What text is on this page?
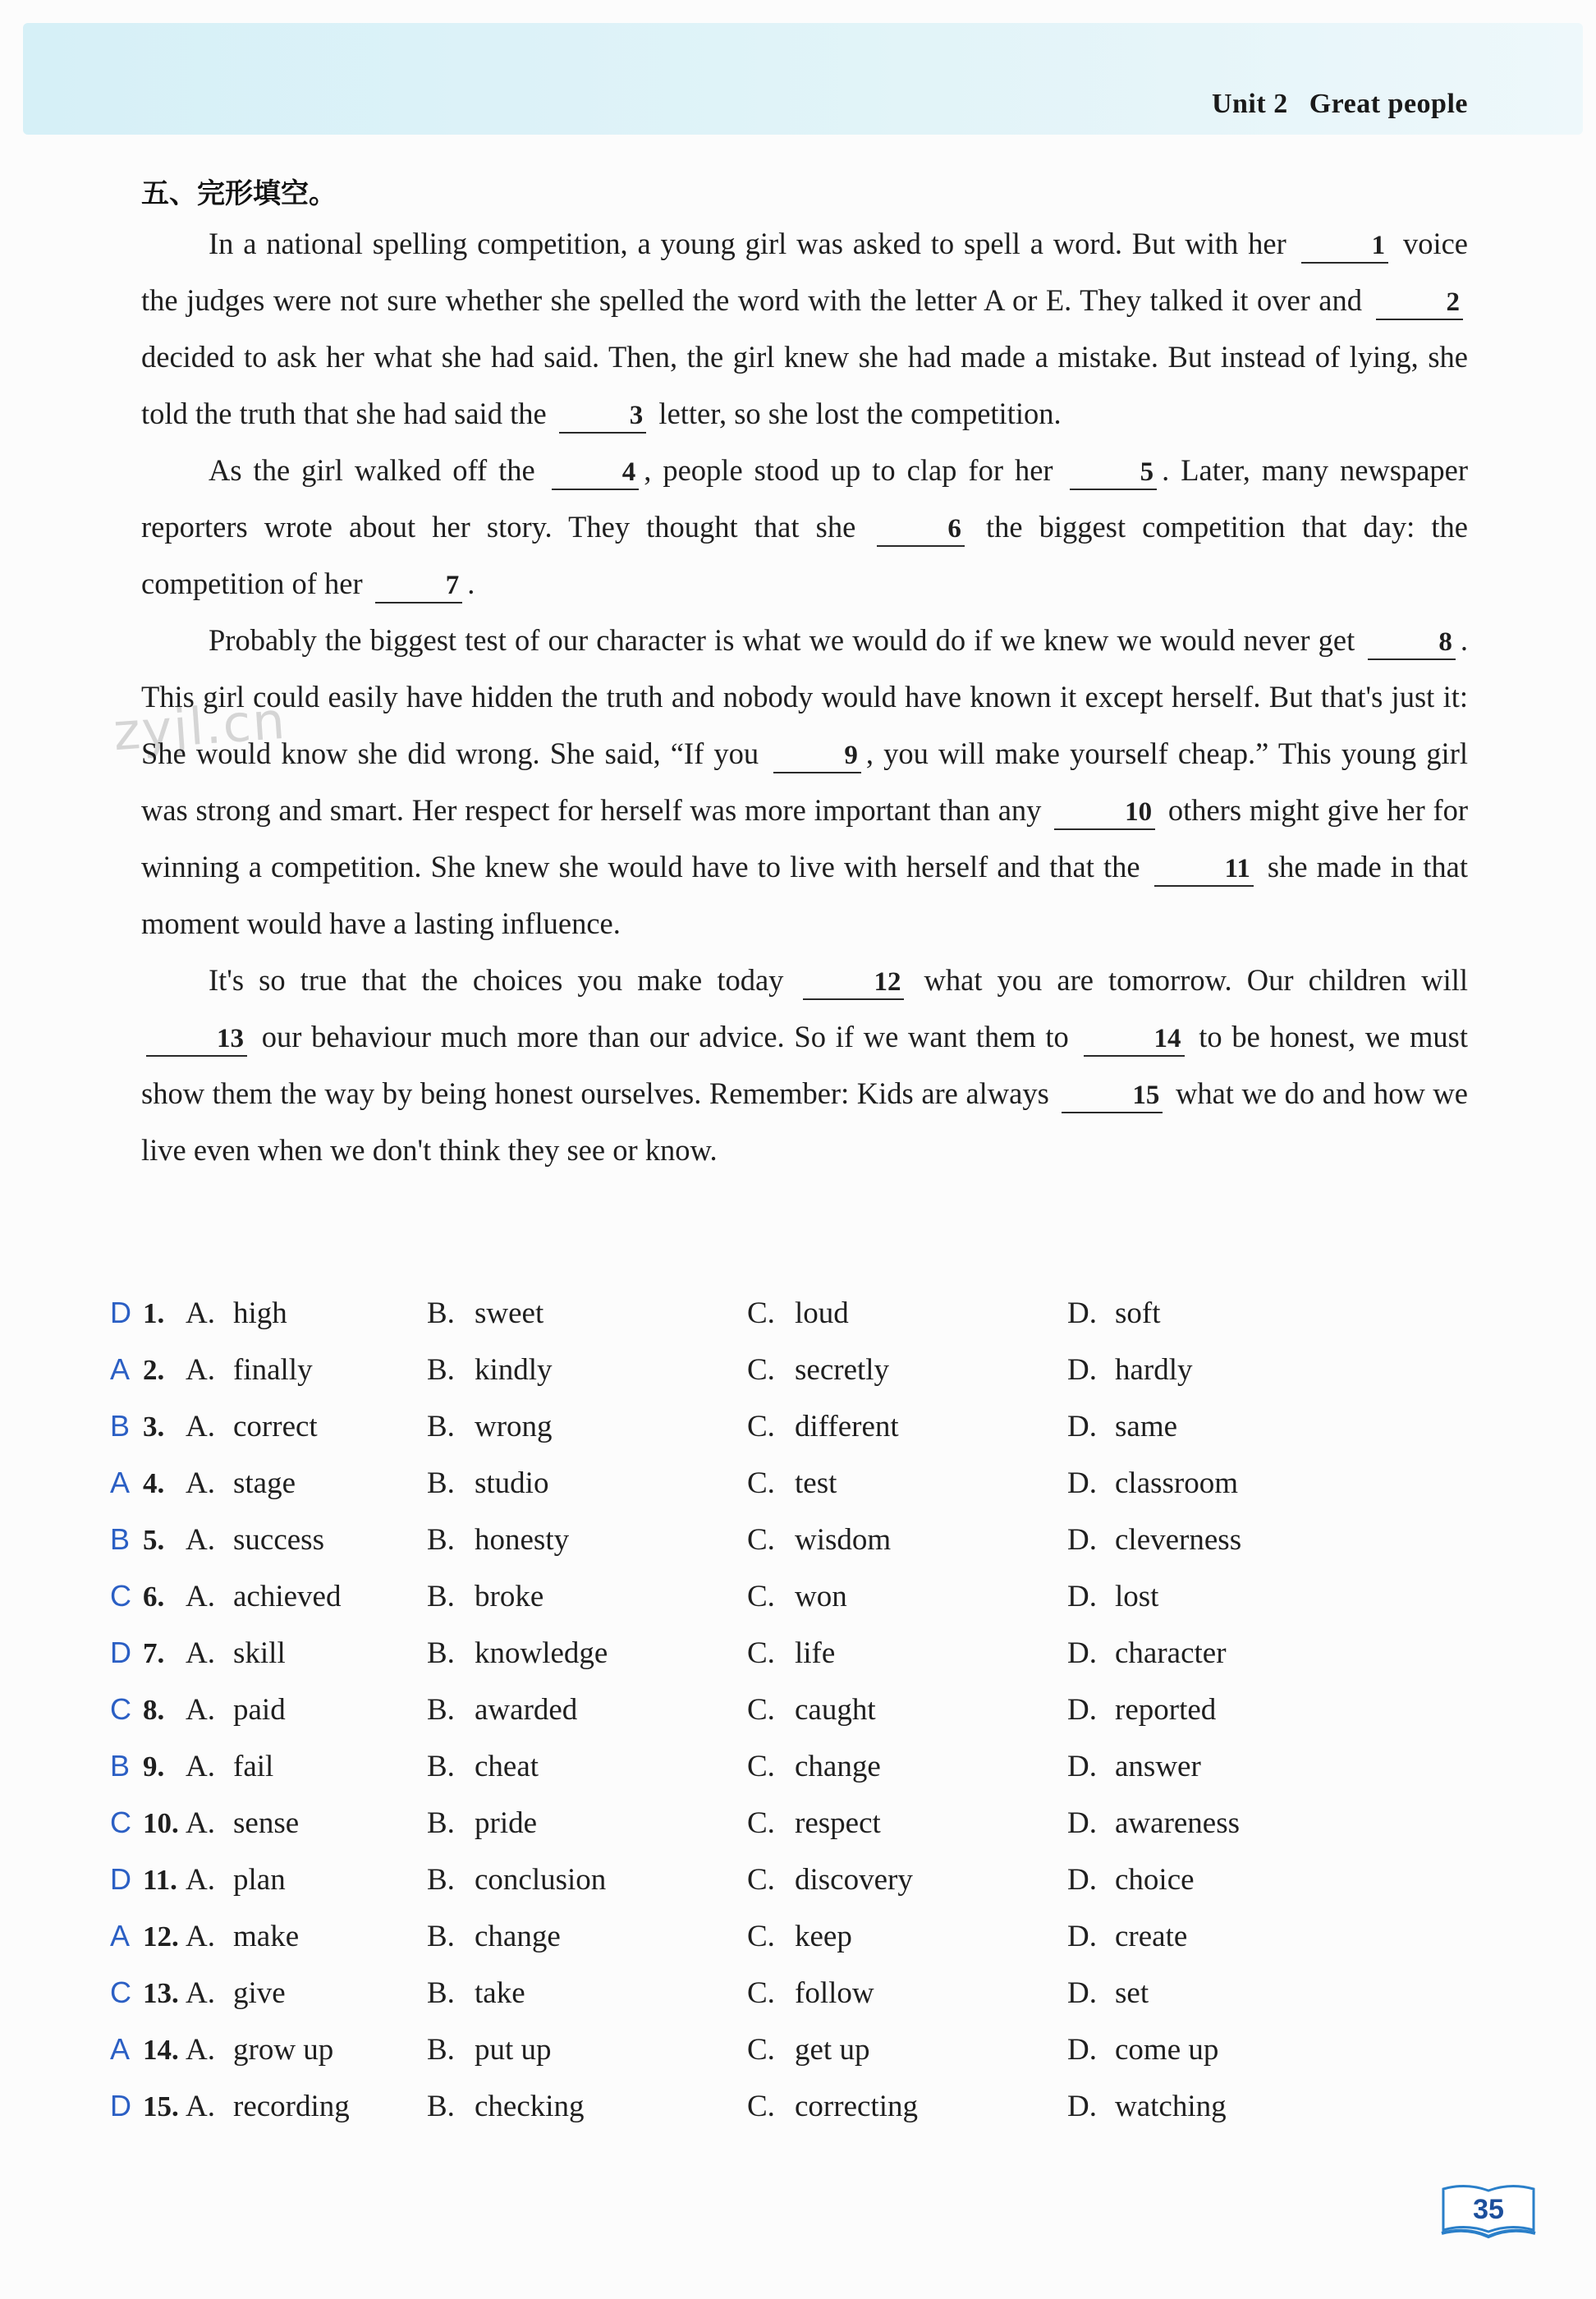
Unit 2 Great people
五、完形填空。
zyjl.cn

In a national spelling competition, a young girl was asked to spell a word. But with her	1 voice the judges were not sure whether she spelled the word with the letter A or E. They talked it over and	2 decided to ask her what she had said. Then, the girl knew she had made a mistake. But instead of lying, she told the truth that she had said the	3 letter, so she lost the competition.

As the girl walked off the	4 , people stood up to clap for her	5 . Later, many newspaper reporters wrote about her story. They thought that she	6 the biggest competition that day: the competition of her	7 .

Probably the biggest test of our character is what we would do if we knew we would never get	8 . This girl could easily have hidden the truth and nobody would have known it except herself. But that's just it: She would know she did wrong. She said, “If you	9 , you will make yourself cheap.” This young girl was strong and smart. Her respect for herself was more important than any	10 others might give her for winning a competition. She knew she would have to live with herself and that the	11 she made in that moment would have a lasting influence.

It's so true that the choices you make today	12 what you are tomorrow. Our children will 13 our behaviour much more than our advice. So if we want them to	14 to be honest, we must show them the way by being honest ourselves. Remember: Kids are always	15 what we do and how we live even when we don't think they see or know.

D 1. A. high	B. sweet	C. loud	D. soft
A 2. A. finally	B. kindly	C. secretly	D. hardly
B 3. A. correct	B. wrong	C. different	D. same
A 4. A. stage	B. studio	C. test	D. classroom
B 5. A. success	B. honesty	C. wisdom	D. cleverness
C 6. A. achieved	B. broke	C. won	D. lost
D 7. A. skill	B. knowledge	C. life	D. character
C 8. A. paid	B. awarded	C. caught	D. reported
B 9. A. fail	B. cheat	C. change	D. answer
C 10. A. sense	B. pride	C. respect	D. awareness
D 11. A. plan	B. conclusion	C. discovery	D. choice
A 12. A. make	B. change	C. keep	D. create
C 13. A. give	B. take	C. follow	D. set
A 14. A. grow up	B. put up	C. get up	D. come up
D 15. A. recording	B. checking	C. correcting	D. watching
35
